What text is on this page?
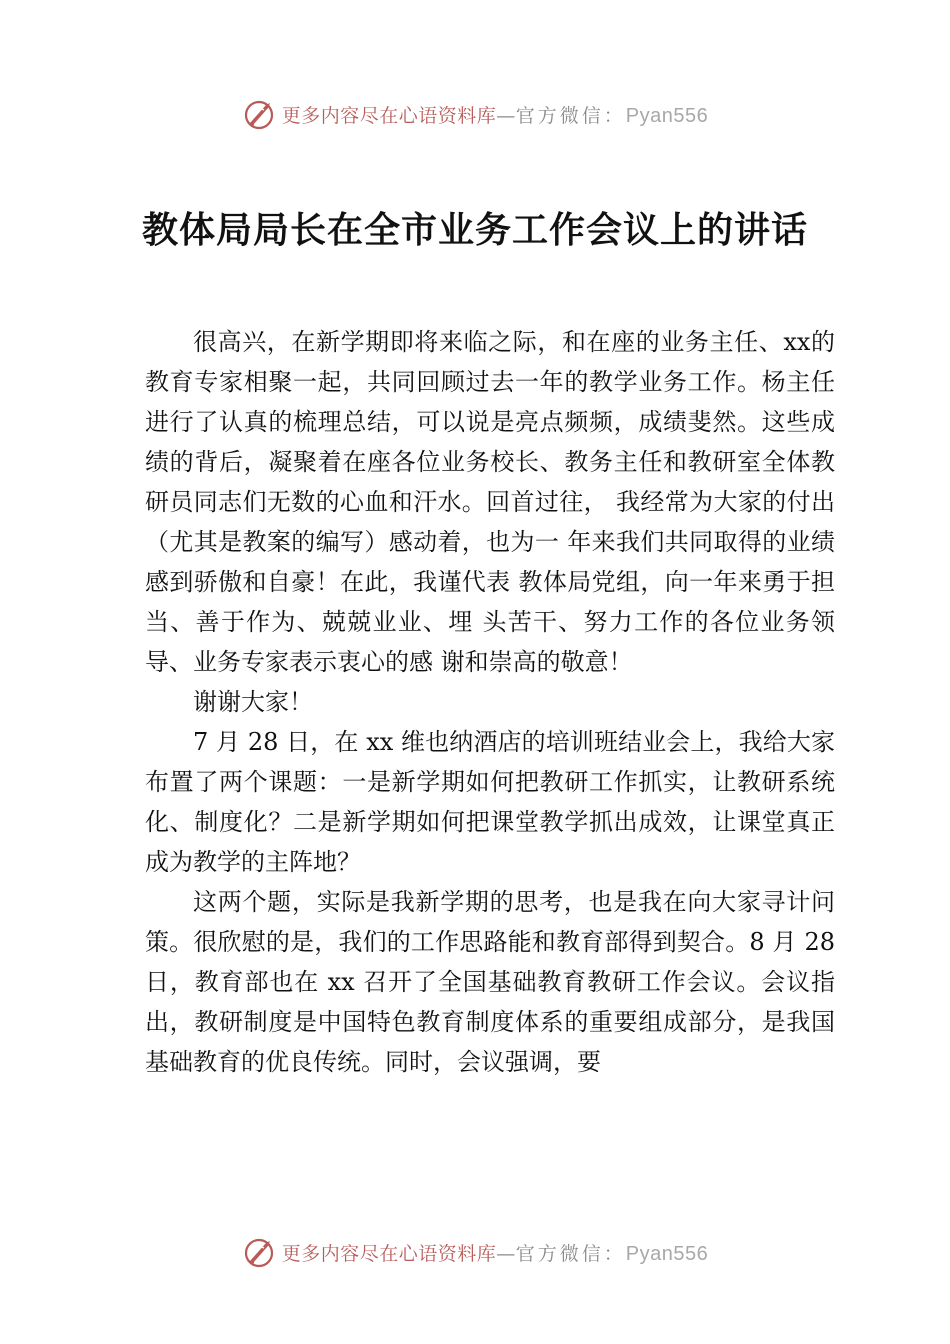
更多内容尽在心语资料库—官方微信：Pyan556
教体局局长在全市业务工作会议上的讲话

很高兴，在新学期即将来临之际，和在座的业务主任、xx的教育专家相聚一起，共同回顾过去一年的教学业务工作。杨主任进行了认真的梳理总结，可以说是亮点频频，成绩斐然。这些成绩的背后，凝聚着在座各位业务校长、教务主任和教研室全体教研员同志们无数的心血和汗水。回首过往， 我经常为大家的付出（尤其是教案的编写）感动着，也为一 年来我们共同取得的业绩感到骄傲和自豪！在此，我谨代表 教体局党组，向一年来勇于担当、善于作为、兢兢业业、埋 头苦干、努力工作的各位业务领导、业务专家表示衷心的感 谢和崇高的敬意！

谢谢大家！

7 月 28 日，在 xx 维也纳酒店的培训班结业会上，我给大家布置了两个课题：一是新学期如何把教研工作抓实，让教研系统化、制度化？二是新学期如何把课堂教学抓出成效，让课堂真正成为教学的主阵地？

这两个题，实际是我新学期的思考，也是我在向大家寻计问策。很欣慰的是，我们的工作思路能和教育部得到契合。8 月 28 日，教育部也在 xx 召开了全国基础教育教研工作会议。会议指出，教研制度是中国特色教育制度体系的重要组成部分，是我国基础教育的优良传统。同时，会议强调，要

更多内容尽在心语资料库—官方微信：Pyan556
